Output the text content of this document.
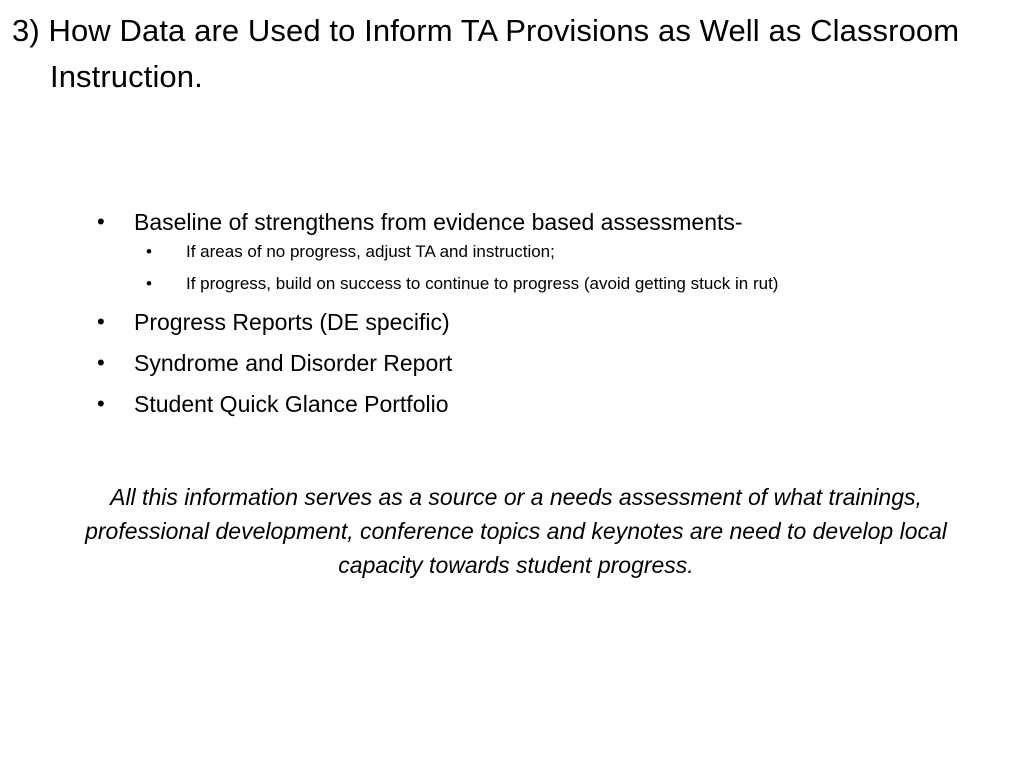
3) How Data are Used to Inform TA Provisions as Well as Classroom Instruction.
• Baseline of strengthens from evidence based assessments-
• If areas of no progress, adjust TA and instruction;
• If progress, build on success to continue to progress (avoid getting stuck in rut)
• Progress Reports (DE specific)
• Syndrome and Disorder Report
• Student Quick Glance Portfolio

All this information serves as a source or a needs assessment of what trainings, professional development, conference topics and keynotes are need to develop local capacity towards student progress.
